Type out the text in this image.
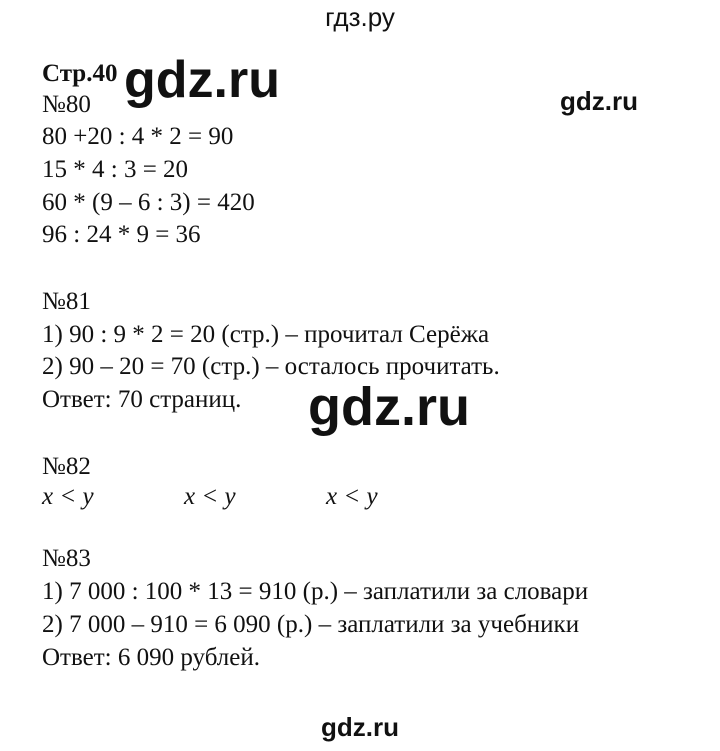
гдз.ру
Стр.40 gdz.ru	gdz.ru
№80
80 +20 : 4 * 2 = 90
15 * 4 : 3 = 20
60 * (9 – 6 : 3) = 420
96 : 24 * 9 = 36
№81
1) 90 : 9 * 2 = 20 (стр.) – прочитал Серёжа
2) 90 – 20 = 70 (стр.) – осталось прочитать.
Ответ: 70 страниц. gdz.ru
№82
x < y	x < y	x < y
№83
1) 7 000 : 100 * 13 = 910 (р.) – заплатили за словари
2) 7 000 – 910 = 6 090 (р.) – заплатили за учебники
Ответ: 6 090 рублей.
gdz.ru
